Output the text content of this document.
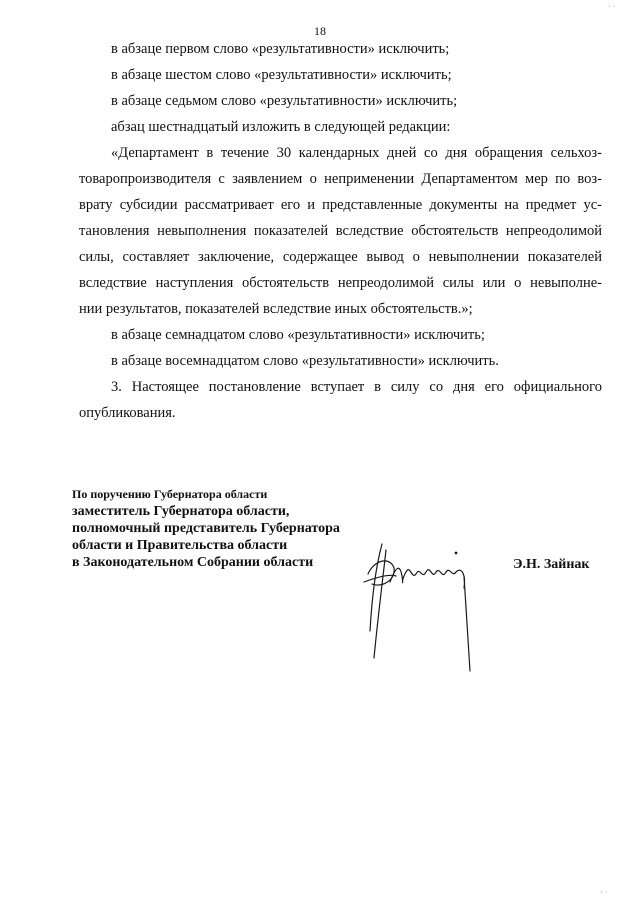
18

в абзаце первом слово «результативности» исключить;

в абзаце шестом слово «результативности» исключить;

в абзаце седьмом слово «результативности» исключить;

абзац шестнадцатый изложить в следующей редакции:

«Департамент в течение 30 календарных дней со дня обращения сельхоз-

товаропроизводителя с заявлением о неприменении Департаментом мер по воз-

врату субсидии рассматривает его и представленные документы на предмет ус-

тановления невыполнения показателей вследствие обстоятельств непреодолимой

силы, составляет заключение, содержащее вывод о невыполнении показателей

вследствие наступления обстоятельств непреодолимой силы или о невыполне-

нии результатов, показателей вследствие иных обстоятельств.»;

в абзаце семнадцатом слово «результативности» исключить;

в абзаце восемнадцатом слово «результативности» исключить.

3. Настоящее постановление вступает в силу со дня его официального

опубликования.

По поручению Губернатора области
заместитель Губернатора области,
полномочный представитель Губернатора
области и Правительства области
в Законодательном Собрании области	Э.Н. Зайнак
· ·
· ·
